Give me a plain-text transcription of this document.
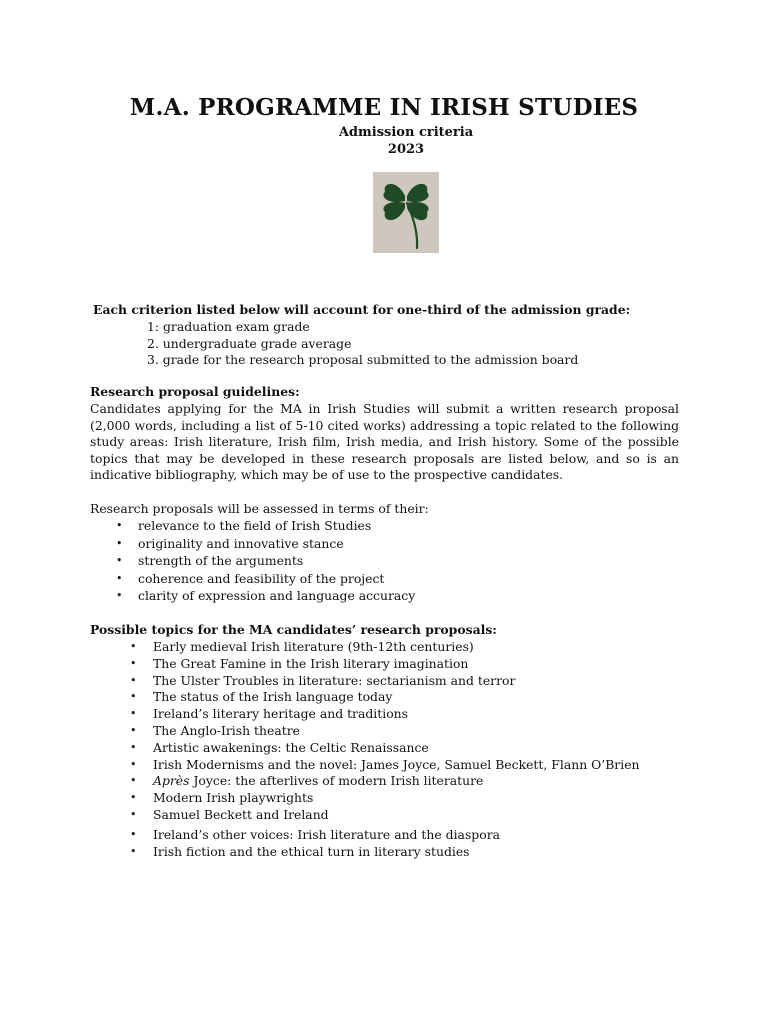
M.A. PROGRAMME IN IRISH STUDIES
Admission criteria
2023
Each criterion listed below will account for one-third of the admission grade:
1: graduation exam grade
2. undergraduate grade average
3. grade for the research proposal submitted to the admission board
Research proposal guidelines:
Candidates applying for the MA in Irish Studies will submit a written research proposal (2,000 words, including a list of 5-10 cited works) addressing a topic related to the following study areas: Irish literature, Irish film, Irish media, and Irish history. Some of the possible topics that may be developed in these research proposals are listed below, and so is an indicative bibliography, which may be of use to the prospective candidates.
Research proposals will be assessed in terms of their:
• relevance to the field of Irish Studies
• originality and innovative stance
• strength of the arguments
• coherence and feasibility of the project
• clarity of expression and language accuracy
Possible topics for the MA candidates’ research proposals:
• Early medieval Irish literature (9th-12th centuries)
• The Great Famine in the Irish literary imagination
• The Ulster Troubles in literature: sectarianism and terror
• The status of the Irish language today
• Ireland’s literary heritage and traditions
• The Anglo-Irish theatre
• Artistic awakenings: the Celtic Renaissance
• Irish Modernisms and the novel: James Joyce, Samuel Beckett, Flann O’Brien
• Après Joyce: the afterlives of modern Irish literature
• Modern Irish playwrights
• Samuel Beckett and Ireland
• Ireland’s other voices: Irish literature and the diaspora
• Irish fiction and the ethical turn in literary studies
